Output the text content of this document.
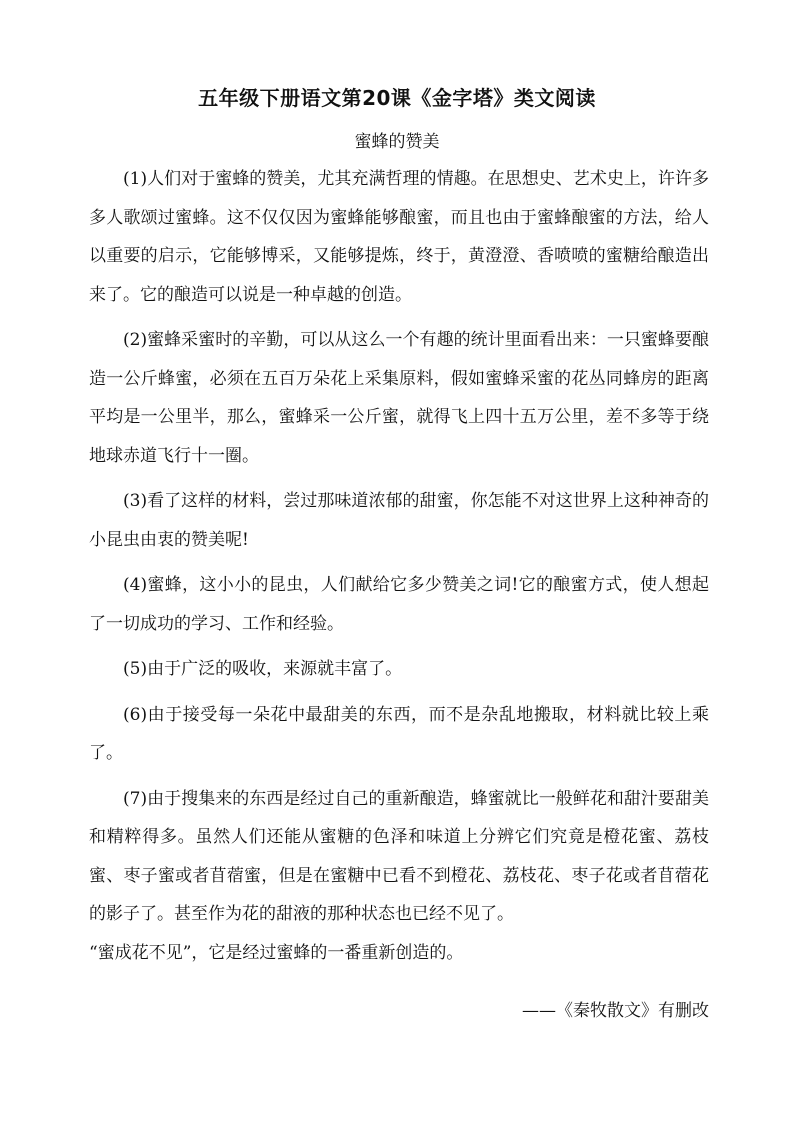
五年级下册语文第20课《金字塔》类文阅读
蜜蜂的赞美

(1)人们对于蜜蜂的赞美，尤其充满哲理的情趣。在思想史、艺术史上，许许多多人歌颂过蜜蜂。这不仅仅因为蜜蜂能够酿蜜，而且也由于蜜蜂酿蜜的方法，给人以重要的启示，它能够博采，又能够提炼，终于，黄澄澄、香喷喷的蜜糖给酿造出来了。它的酿造可以说是一种卓越的创造。

(2)蜜蜂采蜜时的辛勤，可以从这么一个有趣的统计里面看出来：一只蜜蜂要酿造一公斤蜂蜜，必须在五百万朵花上采集原料，假如蜜蜂采蜜的花丛同蜂房的距离平均是一公里半，那么，蜜蜂采一公斤蜜，就得飞上四十五万公里，差不多等于绕地球赤道飞行十一圈。

(3)看了这样的材料，尝过那味道浓郁的甜蜜，你怎能不对这世界上这种神奇的小昆虫由衷的赞美呢!

(4)蜜蜂，这小小的昆虫，人们献给它多少赞美之词!它的酿蜜方式，使人想起了一切成功的学习、工作和经验。

(5)由于广泛的吸收，来源就丰富了。

(6)由于接受每一朵花中最甜美的东西，而不是杂乱地搬取，材料就比较上乘了。

(7)由于搜集来的东西是经过自己的重新酿造，蜂蜜就比一般鲜花和甜汁要甜美和精粹得多。虽然人们还能从蜜糖的色泽和味道上分辨它们究竟是橙花蜜、荔枝蜜、枣子蜜或者苜蓿蜜，但是在蜜糖中已看不到橙花、荔枝花、枣子花或者苜蓿花的影子了。甚至作为花的甜液的那种状态也已经不见了。

“蜜成花不见”，它是经过蜜蜂的一番重新创造的。

——《秦牧散文》有删改
